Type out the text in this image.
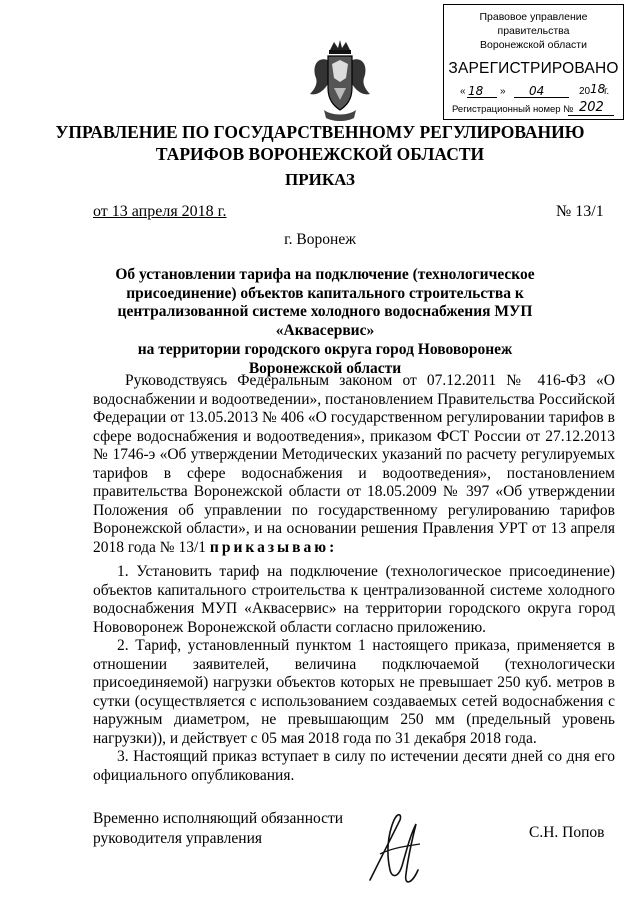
Правовое управление правительства
Воронежской области
ЗАРЕГИСТРИРОВАНО
« 18 » 04	20 18
г.
Регистрационный номер № 202
УПРАВЛЕНИЕ ПО ГОСУДАРСТВЕННОМУ РЕГУЛИРОВАНИЮ
ТАРИФОВ ВОРОНЕЖСКОЙ ОБЛАСТИ
ПРИКАЗ
от 13 апреля 2018 г.	№ 13/1
г. Воронеж
Об установлении тарифа на подключение (технологическое
присоединение) объектов капитального строительства к
централизованной системе холодного водоснабжения МУП «Аквасервис»
на территории городского округа город Нововоронеж
Воронежской области

Руководствуясь Федеральным законом от 07.12.2011 № 416-ФЗ «О водоснабжении и водоотведении», постановлением Правительства Российской Федерации от 13.05.2013 № 406 «О государственном регулировании тарифов в сфере водоснабжения и водоотведения», приказом ФСТ России от 27.12.2013 № 1746-э «Об утверждении Методических указаний по расчету регулируемых тарифов в сфере водоснабжения и водоотведения», постановлением правительства Воронежской области от 18.05.2009 № 397 «Об утверждении Положения об управлении по государственному регулированию тарифов Воронежской области», и на основании решения Правления УРТ от 13 апреля 2018 года № 13/1 приказываю:

1. Установить тариф на подключение (технологическое присоединение) объектов капитального строительства к централизованной системе холодного водоснабжения МУП «Аквасервис» на территории городского округа город Нововоронеж Воронежской области согласно приложению.

2. Тариф, установленный пунктом 1 настоящего приказа, применяется в отношении заявителей, величина подключаемой (технологически присоединяемой) нагрузки объектов которых не превышает 250 куб. метров в сутки (осуществляется с использованием создаваемых сетей водоснабжения с наружным диаметром, не превышающим 250 мм (предельный уровень нагрузки)), и действует с 05 мая 2018 года по 31 декабря 2018 года.

3. Настоящий приказ вступает в силу по истечении десяти дней со дня его официального опубликования.

Временно исполняющий обязанности
руководителя управления	С.Н. Попов
